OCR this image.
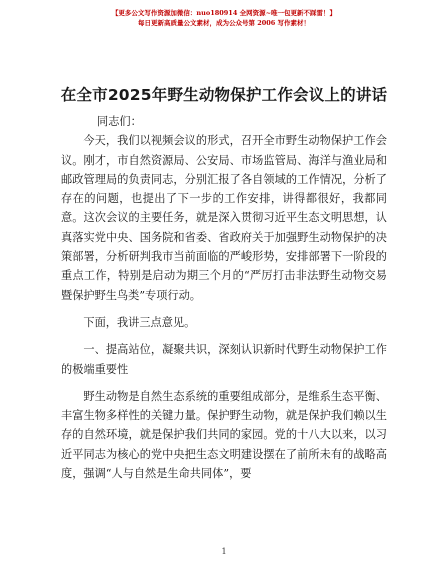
【更多公文写作资源加微信：nuo180914 全网资源~唯一包更新不踩雷！】
每日更新高质量公文素材，成为公众号第 2006 写作素材！
在全市2025年野生动物保护工作会议上的讲话

同志们：

今天，我们以视频会议的形式，召开全市野生动物保护工作会议。刚才，市自然资源局、公安局、市场监管局、海洋与渔业局和邮政管理局的负责同志，分别汇报了各自领域的工作情况，分析了存在的问题，也提出了下一步的工作安排，讲得都很好，我都同意。这次会议的主要任务，就是深入贯彻习近平生态文明思想，认真落实党中央、国务院和省委、省政府关于加强野生动物保护的决策部署，分析研判我市当前面临的严峻形势，安排部署下一阶段的重点工作，特别是启动为期三个月的“严厉打击非法野生动物交易暨保护野生鸟类”专项行动。

下面，我讲三点意见。

一、提高站位，凝聚共识，深刻认识新时代野生动物保护工作的极端重要性

野生动物是自然生态系统的重要组成部分，是维系生态平衡、丰富生物多样性的关键力量。保护野生动物，就是保护我们赖以生存的自然环境，就是保护我们共同的家园。党的十八大以来，以习近平同志为核心的党中央把生态文明建设摆在了前所未有的战略高度，强调“人与自然是生命共同体”，要

1
